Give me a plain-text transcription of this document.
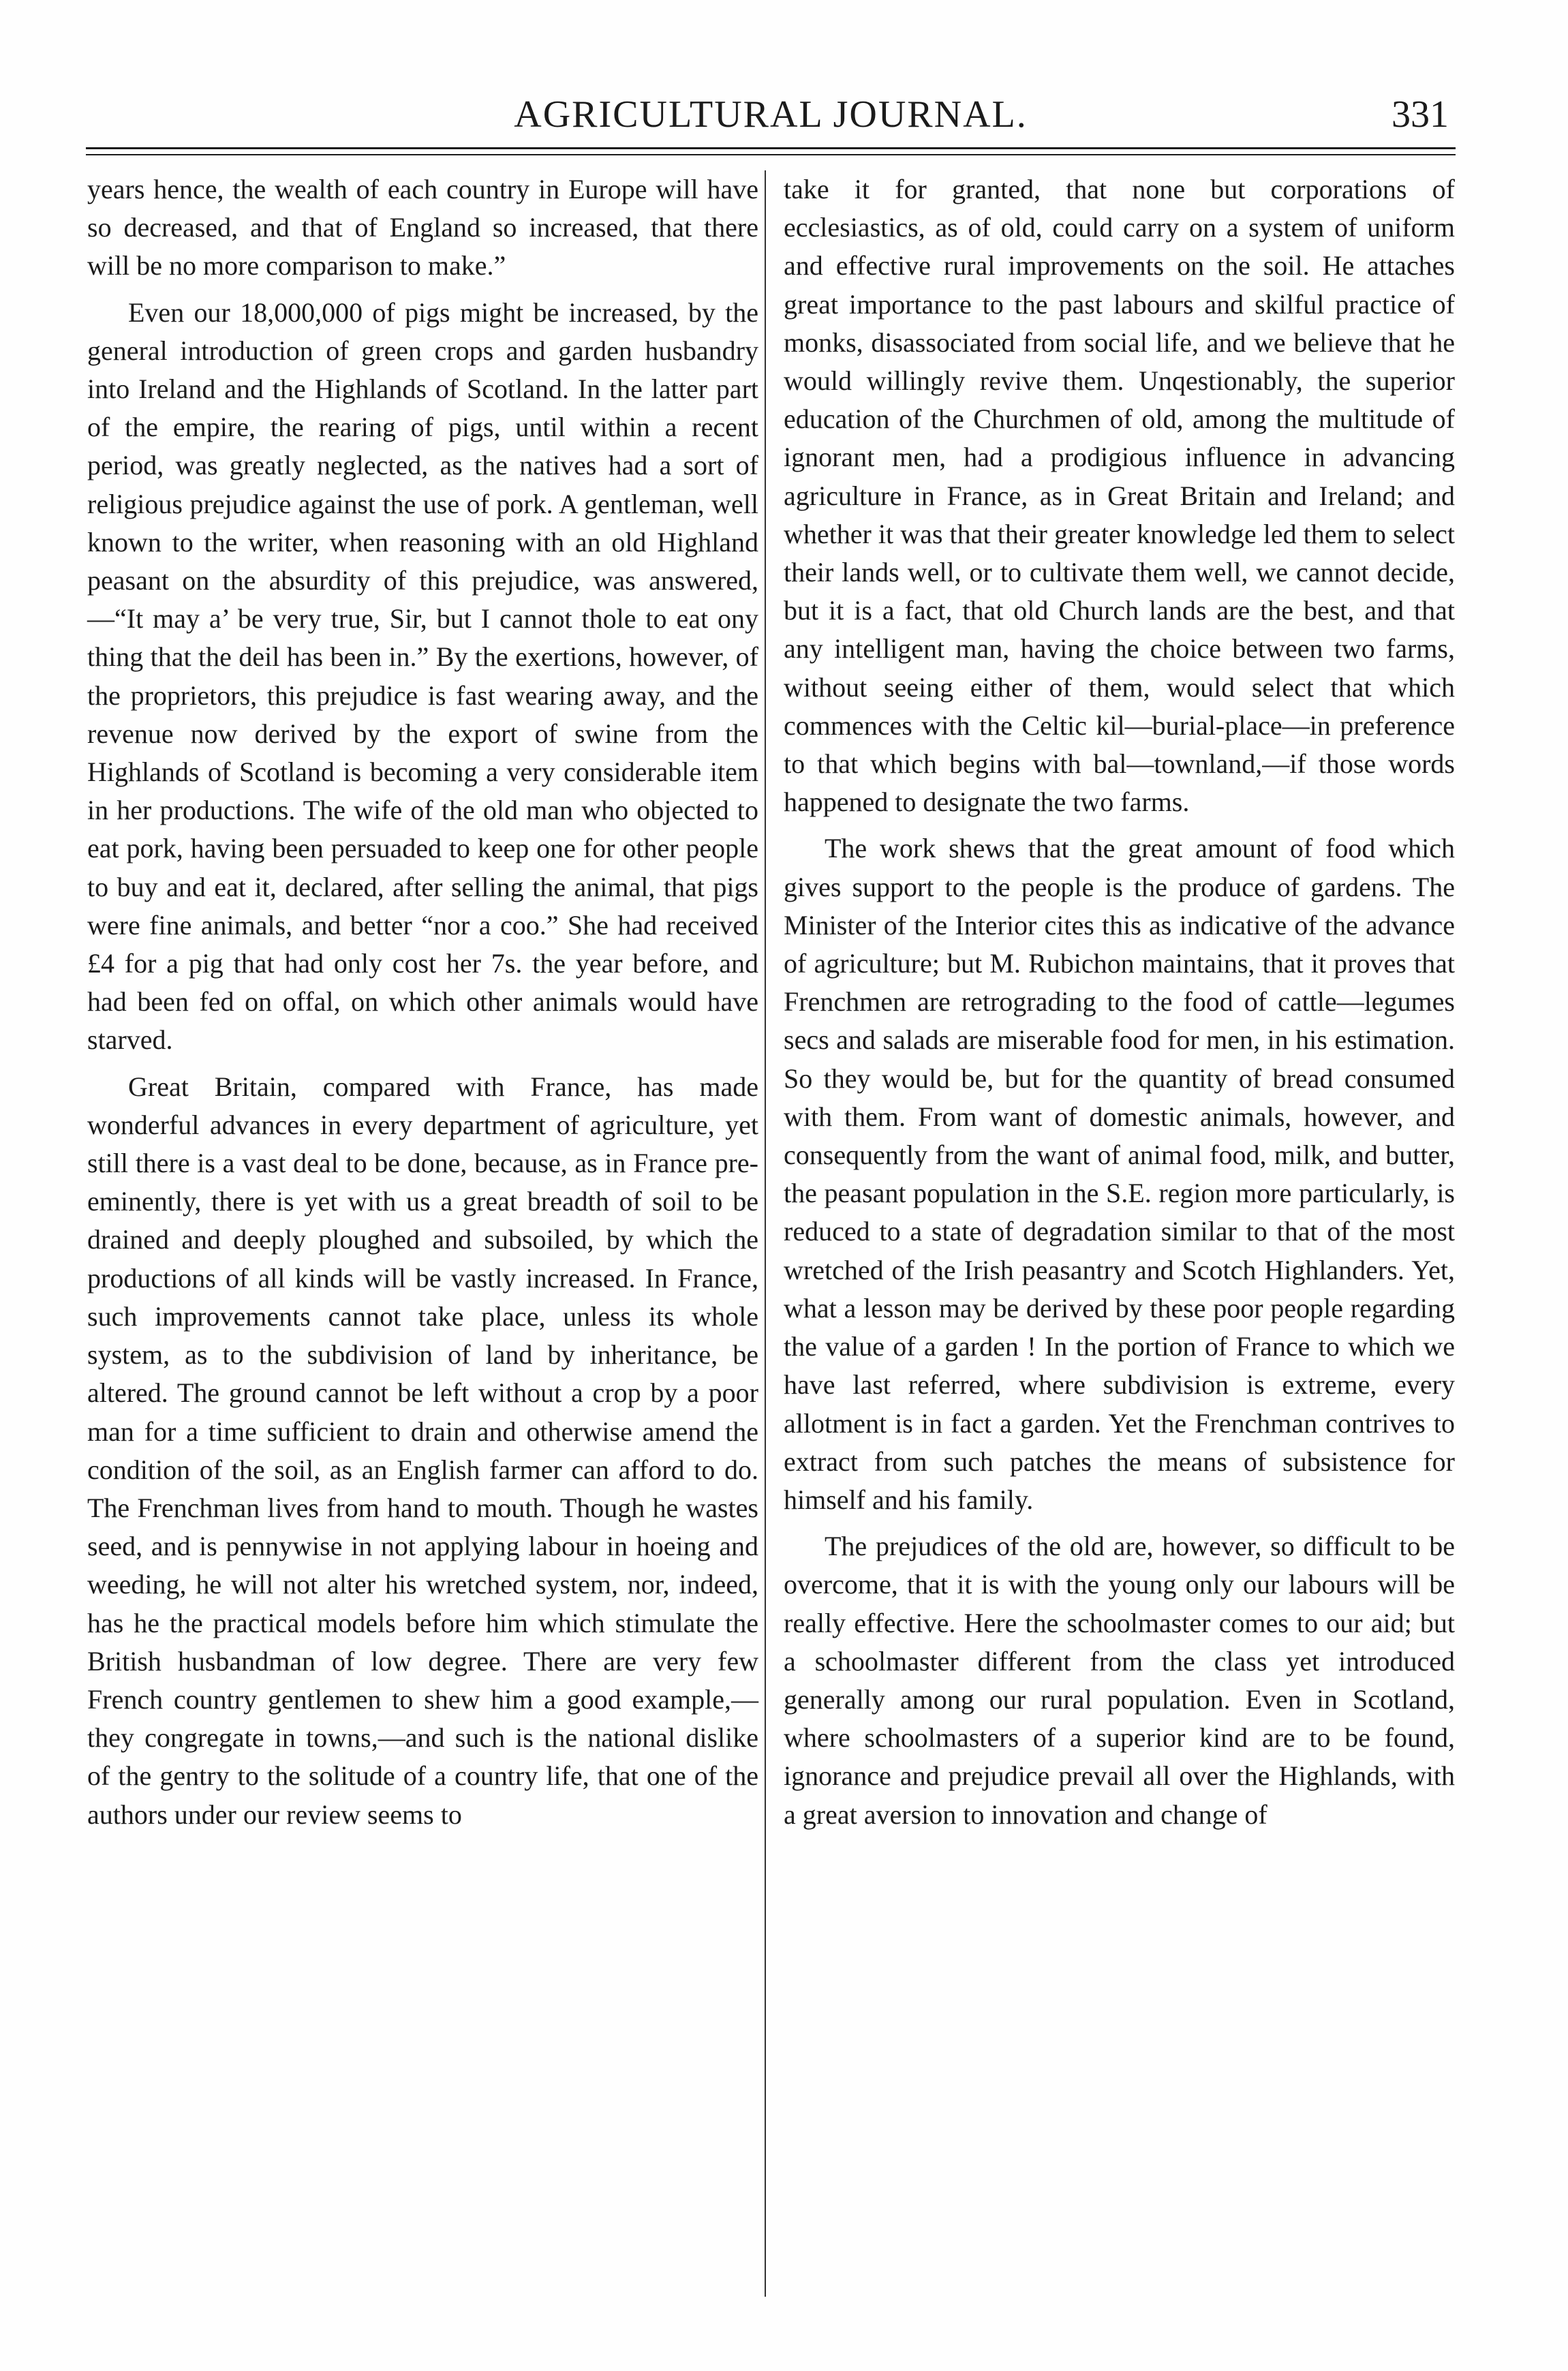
AGRICULTURAL JOURNAL.	331

years hence, the wealth of each country in Europe will have so decreased, and that of England so increased, that there will be no more comparison to make.”

Even our 18,000,000 of pigs might be increased, by the general introduction of green crops and garden husbandry into Ireland and the Highlands of Scotland. In the latter part of the empire, the rearing of pigs, until within a recent period, was greatly neglected, as the natives had a sort of religious prejudice against the use of pork. A gentleman, well known to the writer, when reasoning with an old Highland peasant on the absurdity of this prejudice, was answered,—“It may a’ be very true, Sir, but I cannot thole to eat ony thing that the deil has been in.” By the exertions, however, of the proprietors, this prejudice is fast wearing away, and the revenue now derived by the export of swine from the Highlands of Scotland is becoming a very considerable item in her productions. The wife of the old man who objected to eat pork, having been persuaded to keep one for other people to buy and eat it, declared, after selling the animal, that pigs were fine animals, and better “nor a coo.” She had received £4 for a pig that had only cost her 7s. the year before, and had been fed on offal, on which other animals would have starved.

Great Britain, compared with France, has made wonderful advances in every department of agriculture, yet still there is a vast deal to be done, because, as in France pre-eminently, there is yet with us a great breadth of soil to be drained and deeply ploughed and subsoiled, by which the productions of all kinds will be vastly increased. In France, such improvements cannot take place, unless its whole system, as to the subdivision of land by inheritance, be altered. The ground cannot be left without a crop by a poor man for a time sufficient to drain and otherwise amend the condition of the soil, as an English farmer can afford to do. The Frenchman lives from hand to mouth. Though he wastes seed, and is pennywise in not applying labour in hoeing and weeding, he will not alter his wretched system, nor, indeed, has he the practical models before him which stimulate the British husbandman of low degree. There are very few French country gentlemen to shew him a good example,—they congregate in towns,—and such is the national dislike of the gentry to the solitude of a country life, that one of the authors under our review seems to

take it for granted, that none but corporations of ecclesiastics, as of old, could carry on a system of uniform and effective rural improvements on the soil. He attaches great importance to the past labours and skilful practice of monks, disassociated from social life, and we believe that he would willingly revive them. Unqestionably, the superior education of the Churchmen of old, among the multitude of ignorant men, had a prodigious influence in advancing agriculture in France, as in Great Britain and Ireland; and whether it was that their greater knowledge led them to select their lands well, or to cultivate them well, we cannot decide, but it is a fact, that old Church lands are the best, and that any intelligent man, having the choice between two farms, without seeing either of them, would select that which commences with the Celtic kil—burial-place—in preference to that which begins with bal—townland,—if those words happened to designate the two farms.

The work shews that the great amount of food which gives support to the people is the produce of gardens. The Minister of the Interior cites this as indicative of the advance of agriculture; but M. Rubichon maintains, that it proves that Frenchmen are retrograding to the food of cattle—legumes secs and salads are miserable food for men, in his estimation. So they would be, but for the quantity of bread consumed with them. From want of domestic animals, however, and consequently from the want of animal food, milk, and butter, the peasant population in the S.E. region more particularly, is reduced to a state of degradation similar to that of the most wretched of the Irish peasantry and Scotch Highlanders. Yet, what a lesson may be derived by these poor people regarding the value of a garden ! In the portion of France to which we have last referred, where subdivision is extreme, every allotment is in fact a garden. Yet the Frenchman contrives to extract from such patches the means of subsistence for himself and his family.

The prejudices of the old are, however, so difficult to be overcome, that it is with the young only our labours will be really effective. Here the schoolmaster comes to our aid; but a schoolmaster different from the class yet introduced generally among our rural population. Even in Scotland, where schoolmasters of a superior kind are to be found, ignorance and prejudice prevail all over the Highlands, with a great aversion to innovation and change of
